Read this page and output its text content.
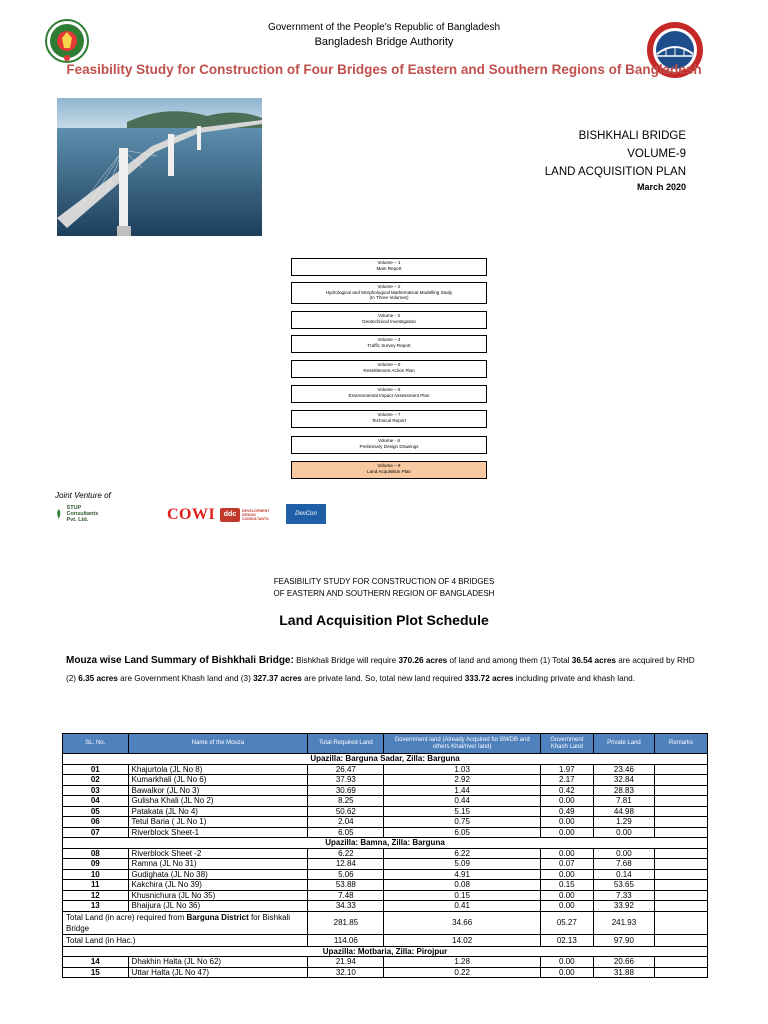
Government of the People's Republic of Bangladesh
Bangladesh Bridge Authority
Feasibility Study for Construction of Four Bridges of Eastern and Southern Regions of Bangladesh
BISHKHALI BRIDGE
VOLUME-9
LAND ACQUISITION PLAN
March 2020
Volume – 1
Main Report
Volume – 2
Hydrological and Morphological Mathematical Modelling Study
(In Three Volumes)
Volume - 3
Geotechnical Investigation
Volume – 4
Traffic Survey Report
Volume – 5
Resettlement Action Plan
Volume – 6
Environmental Impact Assessment Plan
Volume – 7
Technical Report
Volume - 8
Preliminary Design Drawings
Volume – 9
Land Acquisition Plan
Joint Venture of
STUP Consultants Pvt. Ltd.	COWI	ddc
DEVELOPMENT DESIGN CONSULTANTS
DevCon
FEASIBILITY STUDY FOR CONSTRUCTION OF 4 BRIDGES
OF EASTERN AND SOUTHERN REGION OF BANGLADESH
Land Acquisition Plot Schedule
Mouza wise Land Summary of Bishkhali Bridge: Bishkhali Bridge will require 370.26 acres of land and among them (1) Total 36.54 acres are acquired by RHD (2) 6.35 acres are Government Khash land and (3) 327.37 acres are private land. So, total new land required 333.72 acres including private and khash land.
SL. No.	Name of the Mouza	Total Required Land	Government land (Already Acquired for BWDB and others Khal/river land)	Government Khash Land	Private Land	Remarks
Upazilla: Barguna Sadar, Zilla: Barguna						
01	Khajurtola (JL No 8)	26.47	1.03	1.97	23.46	
02	Kumarkhali (JL No 6)	37.93	2.92	2.17	32.84	
03	Bawalkor (JL No 3)	30.69	1.44	0.42	28.83	
04	Gulisha Khali (JL No 2)	8.25	0.44	0.00	7.81	
05	Patakata (JL No 4)	50.62	5.15	0.49	44.98	
06	Tetul Baria ( JL No 1)	2.04	0.75	0.00	1.29	
07	Riverblock Sheet-1	6.05	6.05	0.00	0.00	
Upazilla: Bamna, Zilla: Barguna						
08	Riverblock Sheet -2	6.22	6.22	0.00	0.00	
09	Ramna (JL No 31)	12.84	5.09	0.07	7.68	
10	Gudighata (JL No 38)	5.06	4.91	0.00	0.14	
11	Kakchira (JL No 39)	53.88	0.08	0.15	53.65	
12	Khusnichura (JL No 35)	7.48	0.15	0.00	7.33	
13	Bhaijura (JL No 36)	34.33	0.41	0.00	33.92	
Total Land (in acre) required from Barguna District for Bishkali Bridge		281.85	34.66	05.27	241.93	
Total Land (in Hac.)		114.06	14.02	02.13	97.90	
Upazilla: Motbaria, Zilla: Pirojpur						
14	Dhakhin Halta (JL No 62)	21.94	1.28	0.00	20.66	
15	Uttar Halta (JL No 47)	32.10	0.22	0.00	31.88	
